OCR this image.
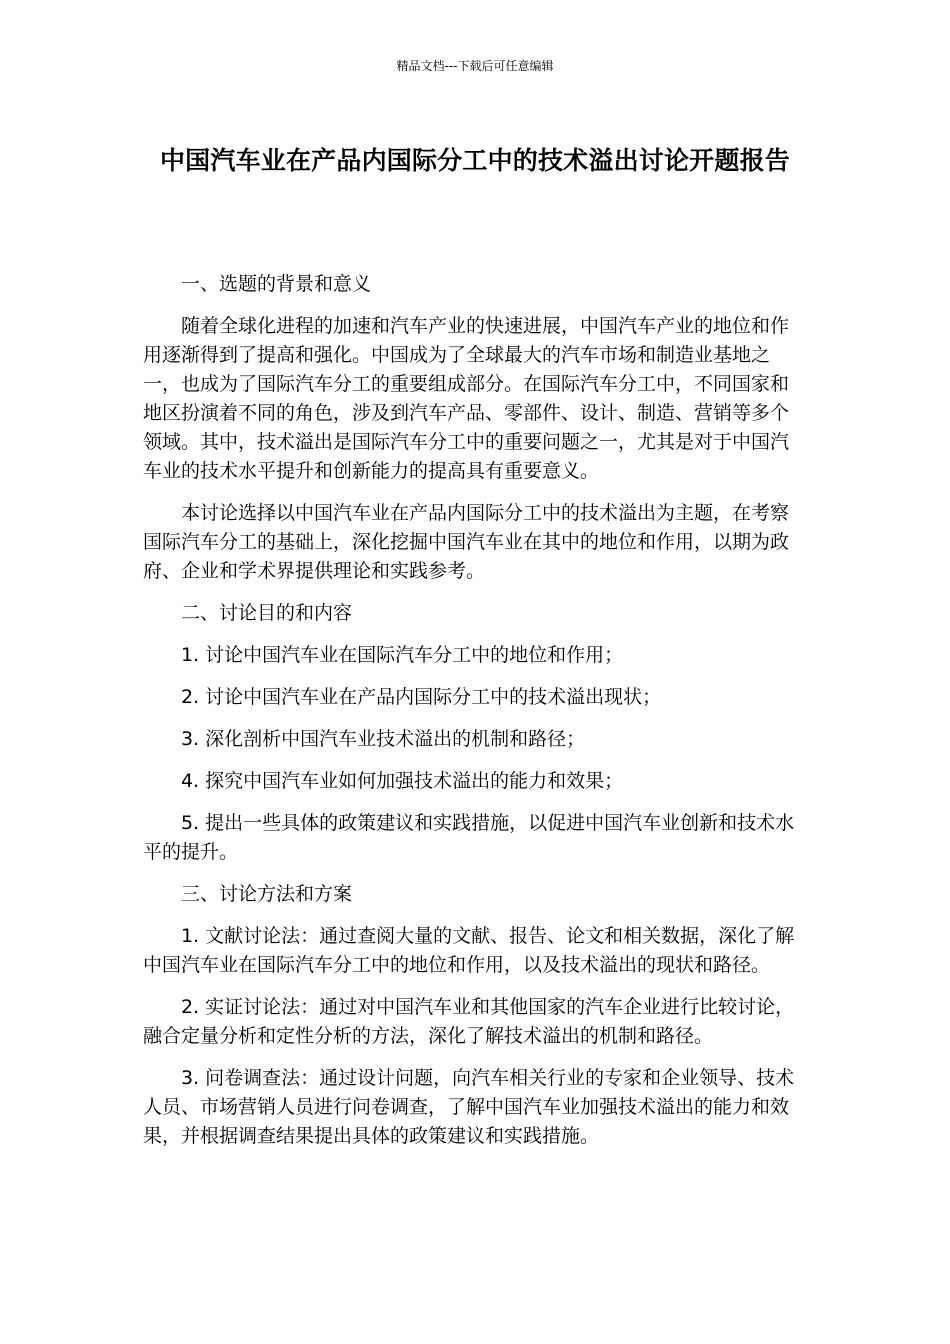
精品文档---下载后可任意编辑
中国汽车业在产品内国际分工中的技术溢出讨论开题报告

一、选题的背景和意义

随着全球化进程的加速和汽车产业的快速进展，中国汽车产业的地位和作用逐渐得到了提高和强化。中国成为了全球最大的汽车市场和制造业基地之一，也成为了国际汽车分工的重要组成部分。在国际汽车分工中，不同国家和地区扮演着不同的角色，涉及到汽车产品、零部件、设计、制造、营销等多个领域。其中，技术溢出是国际汽车分工中的重要问题之一，尤其是对于中国汽车业的技术水平提升和创新能力的提高具有重要意义。

本讨论选择以中国汽车业在产品内国际分工中的技术溢出为主题，在考察国际汽车分工的基础上，深化挖掘中国汽车业在其中的地位和作用，以期为政府、企业和学术界提供理论和实践参考。

二、讨论目的和内容

1. 讨论中国汽车业在国际汽车分工中的地位和作用；

2. 讨论中国汽车业在产品内国际分工中的技术溢出现状；

3. 深化剖析中国汽车业技术溢出的机制和路径；

4. 探究中国汽车业如何加强技术溢出的能力和效果；

5. 提出一些具体的政策建议和实践措施，以促进中国汽车业创新和技术水平的提升。

三、讨论方法和方案

1. 文献讨论法：通过查阅大量的文献、报告、论文和相关数据，深化了解中国汽车业在国际汽车分工中的地位和作用，以及技术溢出的现状和路径。

2. 实证讨论法：通过对中国汽车业和其他国家的汽车企业进行比较讨论，融合定量分析和定性分析的方法，深化了解技术溢出的机制和路径。

3. 问卷调查法：通过设计问题，向汽车相关行业的专家和企业领导、技术人员、市场营销人员进行问卷调查，了解中国汽车业加强技术溢出的能力和效果，并根据调查结果提出具体的政策建议和实践措施。
